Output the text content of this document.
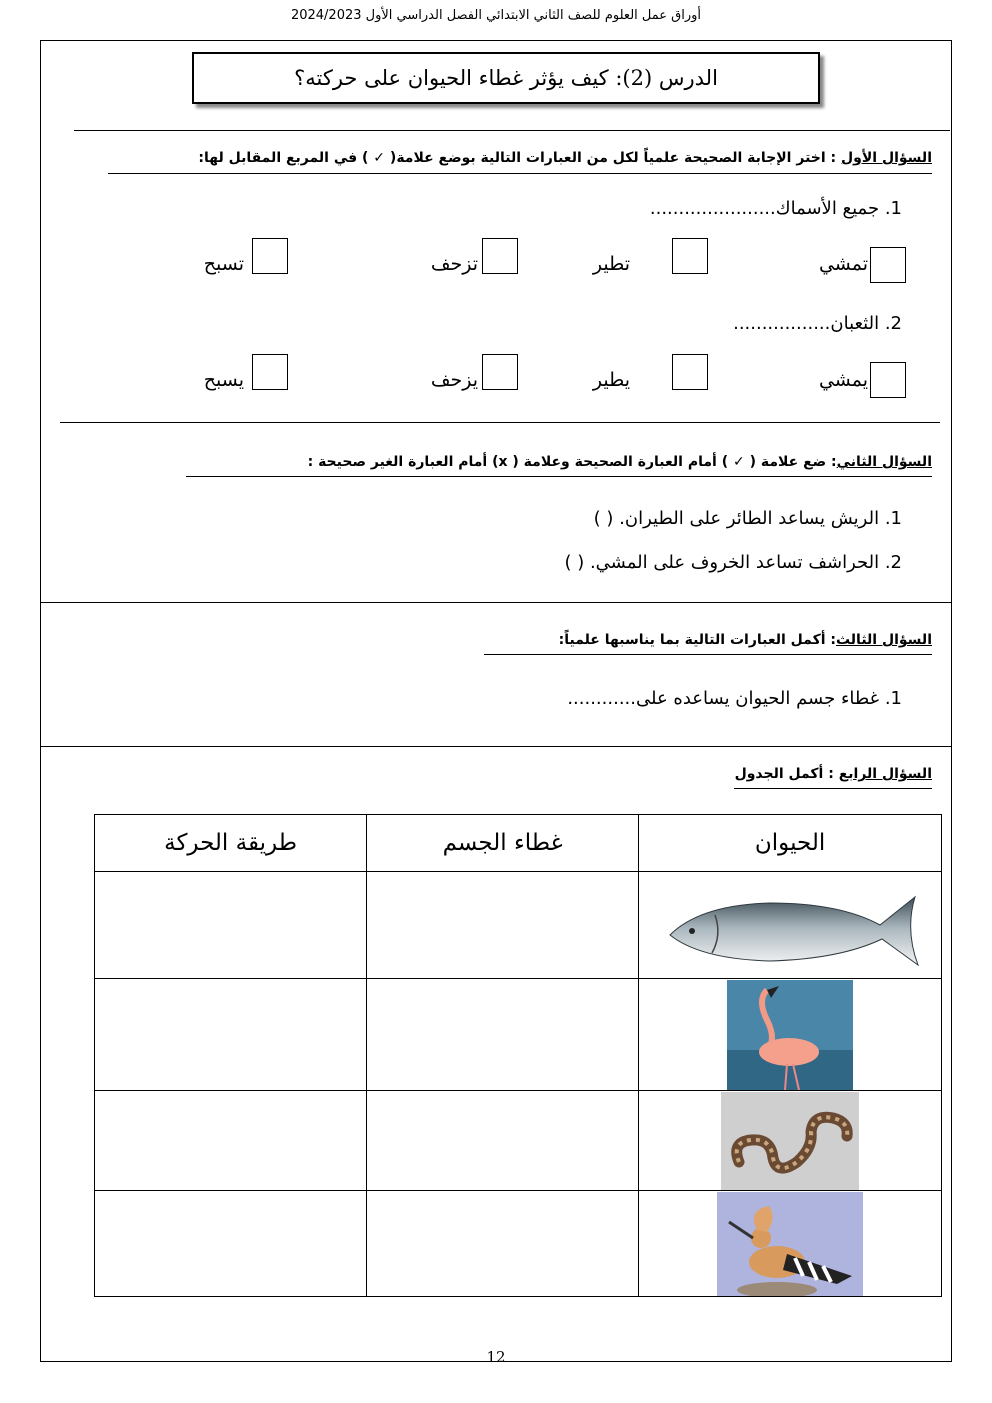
أوراق عمل العلوم للصف الثاني الابتدائي الفصل الدراسي الأول 2024/2023
الدرس (2): كيف يؤثر غطاء الحيوان على حركته؟
السؤال الأول : اختر الإجابة الصحيحة علمياً لكل من العبارات التالية بوضع علامة( ✓ ) في المربع المقابل لها:
1. جميع الأسماك......................
تمشي
تطير
تزحف
تسبح
2. الثعبان.................
يمشي
يطير
يزحف
يسبح
السؤال الثاني: ضع علامة ( ✓ ) أمام العبارة الصحيحة وعلامة ( x) أمام العبارة الغير صحيحة :
1. الريش يساعد الطائر على الطيران. ( )
2. الحراشف تساعد الخروف على المشي. ( )
السؤال الثالث: أكمل العبارات التالية بما يناسبها علمياً:
1. غطاء جسم الحيوان يساعده على............
السؤال الرابع : أكمل الجدول
الحيوان	غطاء الجسم	طريقة الحركة

12
